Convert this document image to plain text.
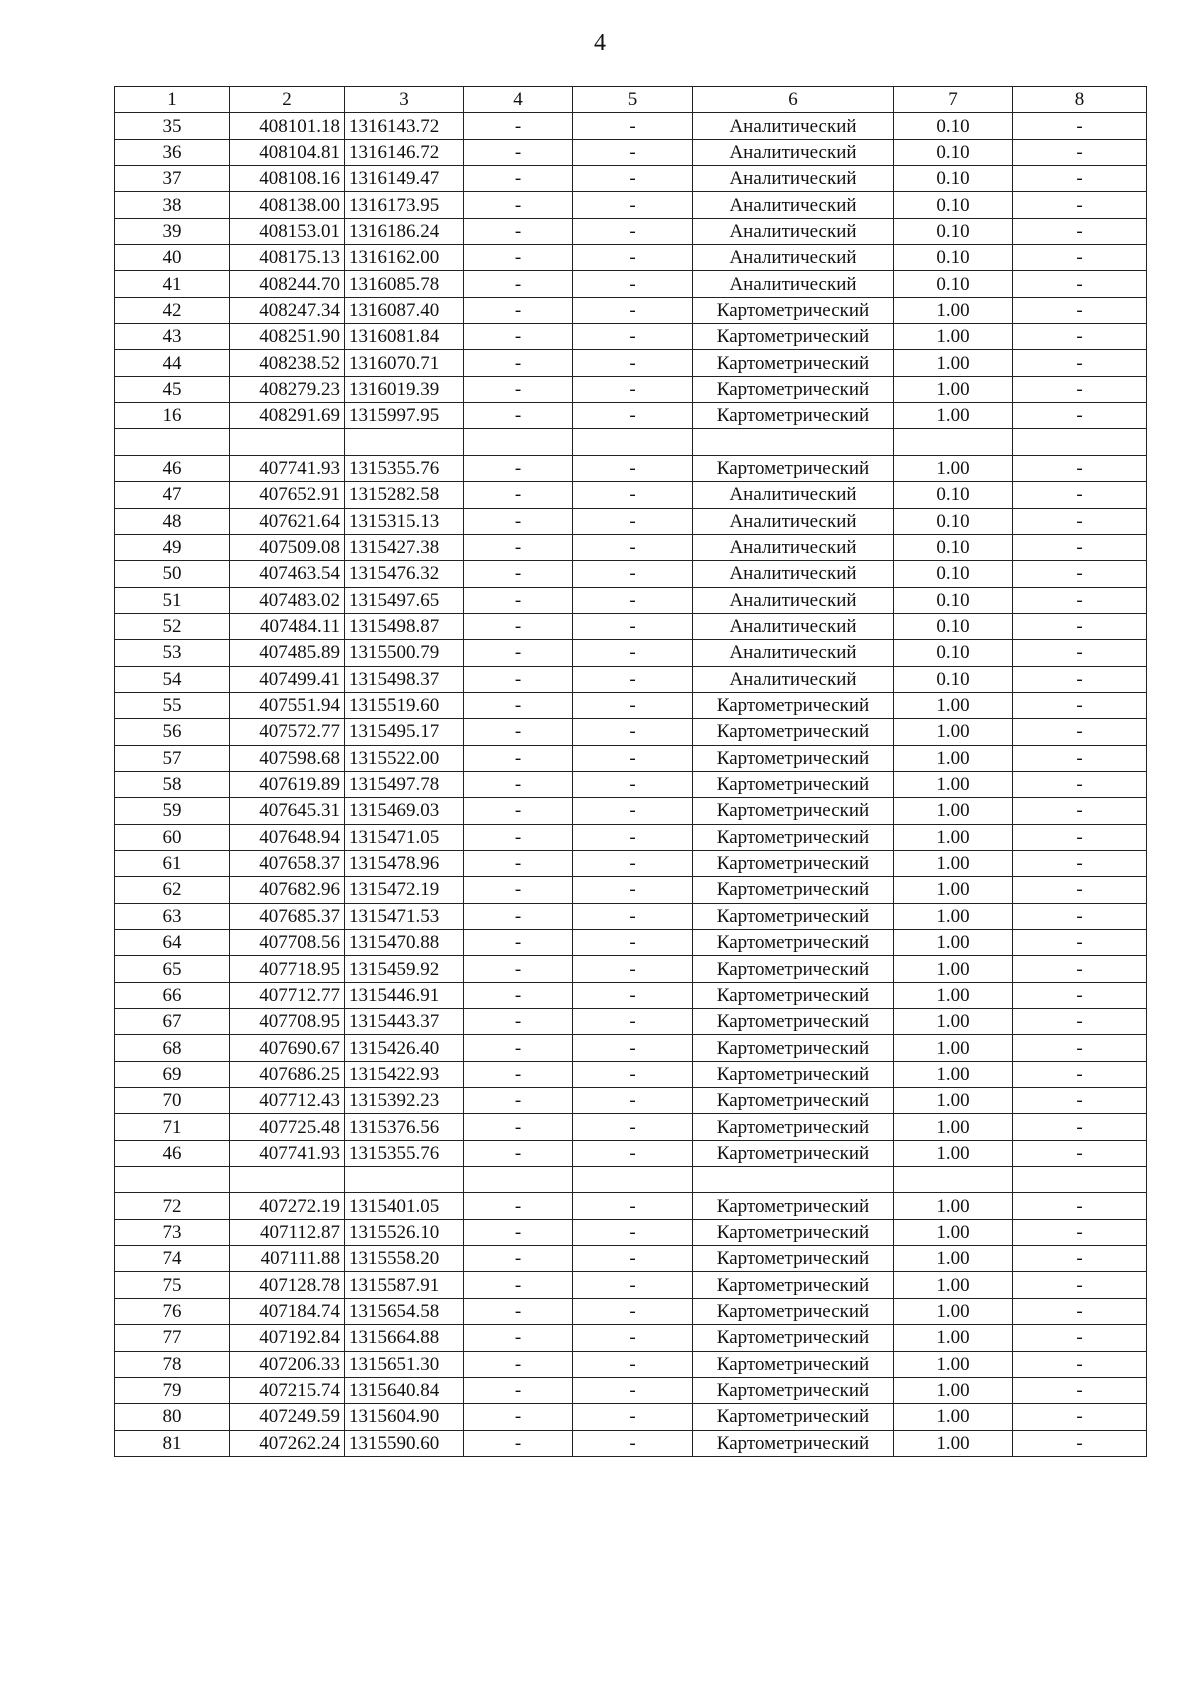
4
1	2	3	4	5	6	7	8
35	408101.18	1316143.72	-	-	Аналитический	0.10	-
36	408104.81	1316146.72	-	-	Аналитический	0.10	-
37	408108.16	1316149.47	-	-	Аналитический	0.10	-
38	408138.00	1316173.95	-	-	Аналитический	0.10	-
39	408153.01	1316186.24	-	-	Аналитический	0.10	-
40	408175.13	1316162.00	-	-	Аналитический	0.10	-
41	408244.70	1316085.78	-	-	Аналитический	0.10	-
42	408247.34	1316087.40	-	-	Картометрический	1.00	-
43	408251.90	1316081.84	-	-	Картометрический	1.00	-
44	408238.52	1316070.71	-	-	Картометрический	1.00	-
45	408279.23	1316019.39	-	-	Картометрический	1.00	-
16	408291.69	1315997.95	-	-	Картометрический	1.00	-

46	407741.93	1315355.76	-	-	Картометрический	1.00	-
47	407652.91	1315282.58	-	-	Аналитический	0.10	-
48	407621.64	1315315.13	-	-	Аналитический	0.10	-
49	407509.08	1315427.38	-	-	Аналитический	0.10	-
50	407463.54	1315476.32	-	-	Аналитический	0.10	-
51	407483.02	1315497.65	-	-	Аналитический	0.10	-
52	407484.11	1315498.87	-	-	Аналитический	0.10	-
53	407485.89	1315500.79	-	-	Аналитический	0.10	-
54	407499.41	1315498.37	-	-	Аналитический	0.10	-
55	407551.94	1315519.60	-	-	Картометрический	1.00	-
56	407572.77	1315495.17	-	-	Картометрический	1.00	-
57	407598.68	1315522.00	-	-	Картометрический	1.00	-
58	407619.89	1315497.78	-	-	Картометрический	1.00	-
59	407645.31	1315469.03	-	-	Картометрический	1.00	-
60	407648.94	1315471.05	-	-	Картометрический	1.00	-
61	407658.37	1315478.96	-	-	Картометрический	1.00	-
62	407682.96	1315472.19	-	-	Картометрический	1.00	-
63	407685.37	1315471.53	-	-	Картометрический	1.00	-
64	407708.56	1315470.88	-	-	Картометрический	1.00	-
65	407718.95	1315459.92	-	-	Картометрический	1.00	-
66	407712.77	1315446.91	-	-	Картометрический	1.00	-
67	407708.95	1315443.37	-	-	Картометрический	1.00	-
68	407690.67	1315426.40	-	-	Картометрический	1.00	-
69	407686.25	1315422.93	-	-	Картометрический	1.00	-
70	407712.43	1315392.23	-	-	Картометрический	1.00	-
71	407725.48	1315376.56	-	-	Картометрический	1.00	-
46	407741.93	1315355.76	-	-	Картометрический	1.00	-

72	407272.19	1315401.05	-	-	Картометрический	1.00	-
73	407112.87	1315526.10	-	-	Картометрический	1.00	-
74	407111.88	1315558.20	-	-	Картометрический	1.00	-
75	407128.78	1315587.91	-	-	Картометрический	1.00	-
76	407184.74	1315654.58	-	-	Картометрический	1.00	-
77	407192.84	1315664.88	-	-	Картометрический	1.00	-
78	407206.33	1315651.30	-	-	Картометрический	1.00	-
79	407215.74	1315640.84	-	-	Картометрический	1.00	-
80	407249.59	1315604.90	-	-	Картометрический	1.00	-
81	407262.24	1315590.60	-	-	Картометрический	1.00	-
